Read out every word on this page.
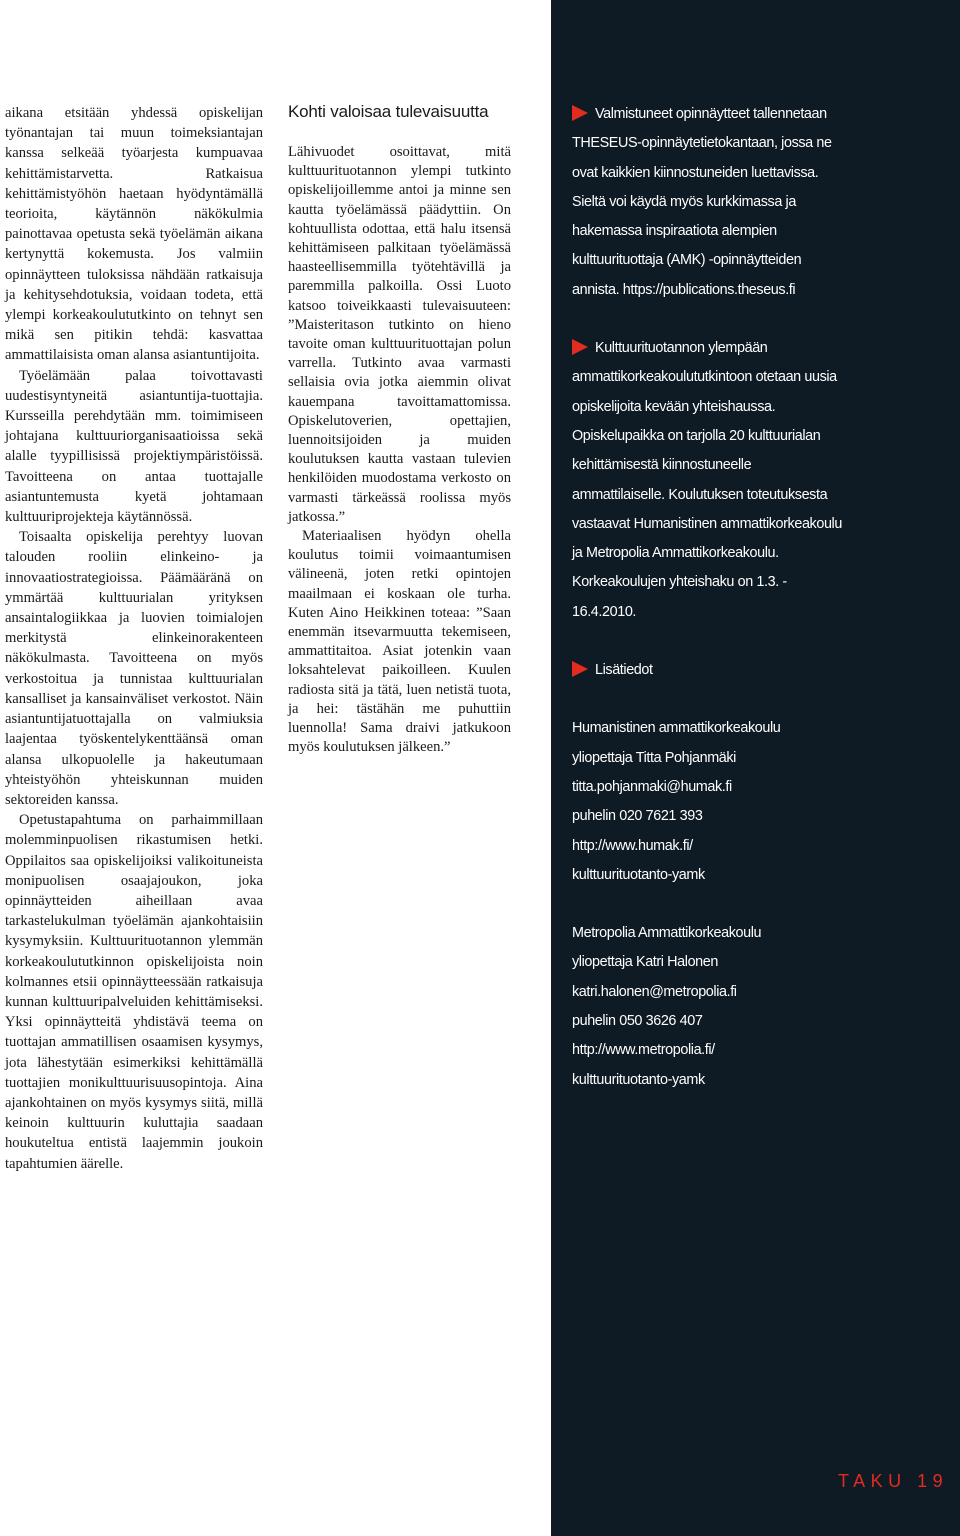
aikana etsitään yhdessä opiskelijan työnantajan tai muun toimeksiantajan kanssa selkeää työarjesta kumpuavaa kehittämistarvetta. Ratkaisua kehittämistyöhön haetaan hyödyntämällä teorioita, käytännön näkökulmia painottavaa opetusta sekä työelämän aikana kertynyttä kokemusta. Jos valmiin opinnäytteen tuloksissa nähdään ratkaisuja ja kehitysehdotuksia, voidaan todeta, että ylempi korkeakoulututkinto on tehnyt sen mikä sen pitikin tehdä: kasvattaa ammattilaisista oman alansa asiantuntijoita.

Työelämään palaa toivottavasti uudestisyntyneitä asiantuntija-tuottajia. Kursseilla perehdytään mm. toimimiseen johtajana kulttuuriorganisaatioissa sekä alalle tyypillisissä projektiympäristöissä. Tavoitteena on antaa tuottajalle asiantuntemusta kyetä johtamaan kulttuuriprojekteja käytännössä.

Toisaalta opiskelija perehtyy luovan talouden rooliin elinkeino- ja innovaatiostrategioissa. Päämääränä on ymmärtää kulttuurialan yrityksen ansaintalogiikkaa ja luovien toimialojen merkitystä elinkeinorakenteen näkökulmasta. Tavoitteena on myös verkostoitua ja tunnistaa kulttuurialan kansalliset ja kansainväliset verkostot. Näin asiantuntijatuottajalla on valmiuksia laajentaa työskentelykenttäänsä oman alansa ulkopuolelle ja hakeutumaan yhteistyöhön yhteiskunnan muiden sektoreiden kanssa.

Opetustapahtuma on parhaimmillaan molemminpuolisen rikastumisen hetki. Oppilaitos saa opiskelijoiksi valikoituneista monipuolisen osaajajoukon, joka opinnäytteiden aiheillaan avaa tarkastelukulman työelämän ajankohtaisiin kysymyksiin. Kulttuurituotannon ylemmän korkeakoulututkinnon opiskelijoista noin kolmannes etsii opinnäytteessään ratkaisuja kunnan kulttuuripalveluiden kehittämiseksi. Yksi opinnäytteitä yhdistävä teema on tuottajan ammatillisen osaamisen kysymys, jota lähestytään esimerkiksi kehittämällä tuottajien monikulttuurisuusopintoja. Aina ajankohtainen on myös kysymys siitä, millä keinoin kulttuurin kuluttajia saadaan houkuteltua entistä laajemmin joukoin tapahtumien äärelle.

Kohti valoisaa tulevaisuutta

Lähivuodet osoittavat, mitä kulttuurituotannon ylempi tutkinto opiskelijoillemme antoi ja minne sen kautta työelämässä päädyttiin. On kohtuullista odottaa, että halu itsensä kehittämiseen palkitaan työelämässä haasteellisemmilla työtehtävillä ja paremmilla palkoilla. Ossi Luoto katsoo toiveikkaasti tulevaisuuteen: ”Maisteritason tutkinto on hieno tavoite oman kulttuurituottajan polun varrella. Tutkinto avaa varmasti sellaisia ovia jotka aiemmin olivat kauempana tavoittamattomissa. Opiskelutoverien, opettajien, luennoitsijoiden ja muiden koulutuksen kautta vastaan tulevien henkilöiden muodostama verkosto on varmasti tärkeässä roolissa myös jatkossa.”

Materiaalisen hyödyn ohella koulutus toimii voimaantumisen välineenä, joten retki opintojen maailmaan ei koskaan ole turha. Kuten Aino Heikkinen toteaa: ”Saan enemmän itsevarmuutta tekemiseen, ammattitaitoa. Asiat jotenkin vaan loksahtelevat paikoilleen. Kuulen radiosta sitä ja tätä, luen netistä tuota, ja hei: tästähän me puhuttiin luennolla! Sama draivi jatkukoon myös koulutuksen jälkeen.”

Valmistuneet opinnäytteet tallennetaan THESEUS-opinnäytetietokantaan, jossa ne ovat kaikkien kiinnostuneiden luettavissa. Sieltä voi käydä myös kurkkimassa ja hakemassa inspiraatiota alempien kulttuurituottaja (AMK) -opinnäytteiden annista. https://publications.theseus.fi
Kulttuurituotannon ylempään ammattikorkeakoulututkintoon otetaan uusia opiskelijoita kevään yhteishaussa. Opiskelupaikka on tarjolla 20 kulttuurialan kehittämisestä kiinnostuneelle ammattilaiselle. Koulutuksen toteutuksesta vastaavat Humanistinen ammattikorkeakoulu ja Metropolia Ammattikorkeakoulu. Korkeakoulujen yhteishaku on 1.3. - 16.4.2010.
Lisätiedot
Humanistinen ammattikorkeakoulu
yliopettaja Titta Pohjanmäki
titta.pohjanmaki@humak.fi
puhelin 020 7621 393
http://www.humak.fi/
kulttuurituotanto-yamk
Metropolia Ammattikorkeakoulu
yliopettaja Katri Halonen
katri.halonen@metropolia.fi
puhelin 050 3626 407
http://www.metropolia.fi/
kulttuurituotanto-yamk
TAKU 19
